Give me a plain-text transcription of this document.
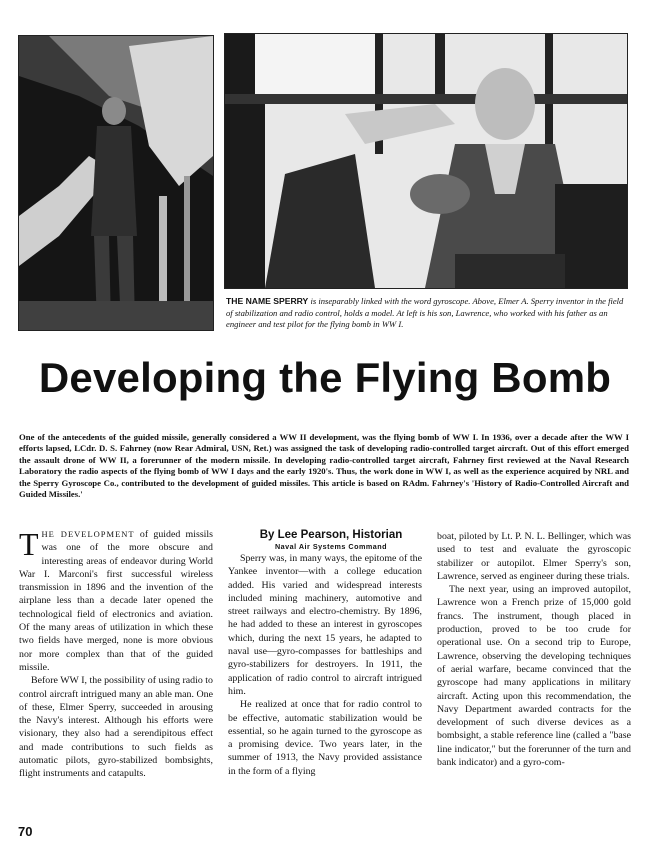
THE NAME SPERRY is inseparably linked with the word gyroscope. Above, Elmer A. Sperry inventor in the field of stabilization and radio control, holds a model. At left is his son, Lawrence, who worked with his father as an engineer and test pilot for the flying bomb in WW I.
Developing the Flying Bomb
One of the antecedents of the guided missile, generally considered a WW II development, was the flying bomb of WW I. In 1936, over a decade after the WW I efforts lapsed, LCdr. D. S. Fahrney (now Rear Admiral, USN, Ret.) was assigned the task of developing radio-controlled target aircraft. Out of this effort emerged the assault drone of WW II, a forerunner of the modern missile. In developing radio-controlled target aircraft, Fahrney first reviewed at the Naval Research Laboratory the radio aspects of the flying bomb of WW I days and the early 1920's. Thus, the work done in WW I, as well as the experience acquired by NRL and the Sperry Gyroscope Co., contributed to the development of guided missiles. This article is based on RAdm. Fahrney's 'History of Radio-Controlled Aircraft and Guided Missiles.'

THE DEVELOPMENT of guided missils was one of the more obscure and interesting areas of endeavor during World War I. Marconi's first successful wireless transmission in 1896 and the invention of the airplane less than a decade later opened the technological field of electronics and aviation. Of the many areas of utilization in which these two fields have merged, none is more obvious nor more complex than that of the guided missile.

Before WW I, the possibility of using radio to control aircraft intrigued many an able man. One of these, Elmer Sperry, succeeded in arousing the Navy's interest. Although his efforts were visionary, they also had a serendipitous effect and made contributions to such fields as automatic pilots, gyro-stabilized bombsights, flight instruments and catapults.

By Lee Pearson, Historian

Naval Air Systems Command

Sperry was, in many ways, the epitome of the Yankee inventor—with a college education added. His varied and widespread interests included mining machinery, automotive and street railways and electro-chemistry. By 1896, he had added to these an interest in gyroscopes which, during the next 15 years, he adapted to naval use—gyro-compasses for battleships and gyro-stabilizers for destroyers. In 1911, the application of radio control to aircraft intrigued him.

He realized at once that for radio control to be effective, automatic stabilization would be essential, so he again turned to the gyroscope as a promising device. Two years later, in the summer of 1913, the Navy provided assistance in the form of a flying

boat, piloted by Lt. P. N. L. Bellinger, which was used to test and evaluate the gyroscopic stabilizer or autopilot. Elmer Sperry's son, Lawrence, served as engineer during these trials.

The next year, using an improved autopilot, Lawrence won a French prize of 15,000 gold francs. The instrument, though placed in production, proved to be too crude for operational use. On a second trip to Europe, Lawrence, observing the developing techniques of aerial warfare, became convinced that the gyroscope had many applications in military aircraft. Acting upon this recommendation, the Navy Department awarded contracts for the development of such diverse devices as a bombsight, a stable reference line (called a "base line indicator," but the forerunner of the turn and bank indicator) and a gyro-com-

70
